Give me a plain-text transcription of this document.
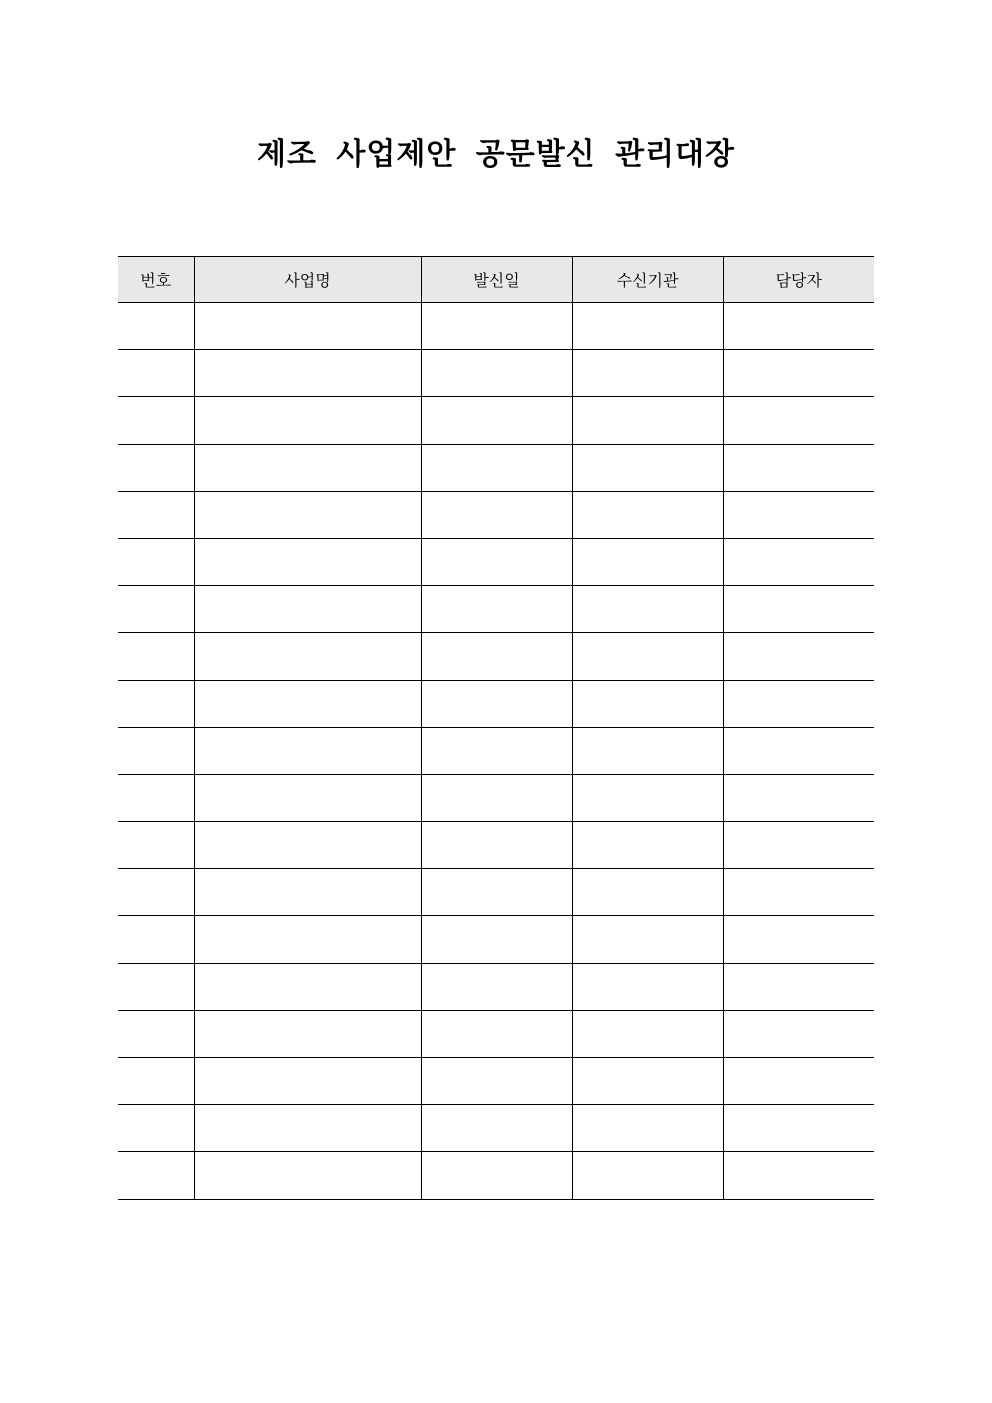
제조 사업제안 공문발신 관리대장
번호	사업명	발신일	수신기관	담당자
